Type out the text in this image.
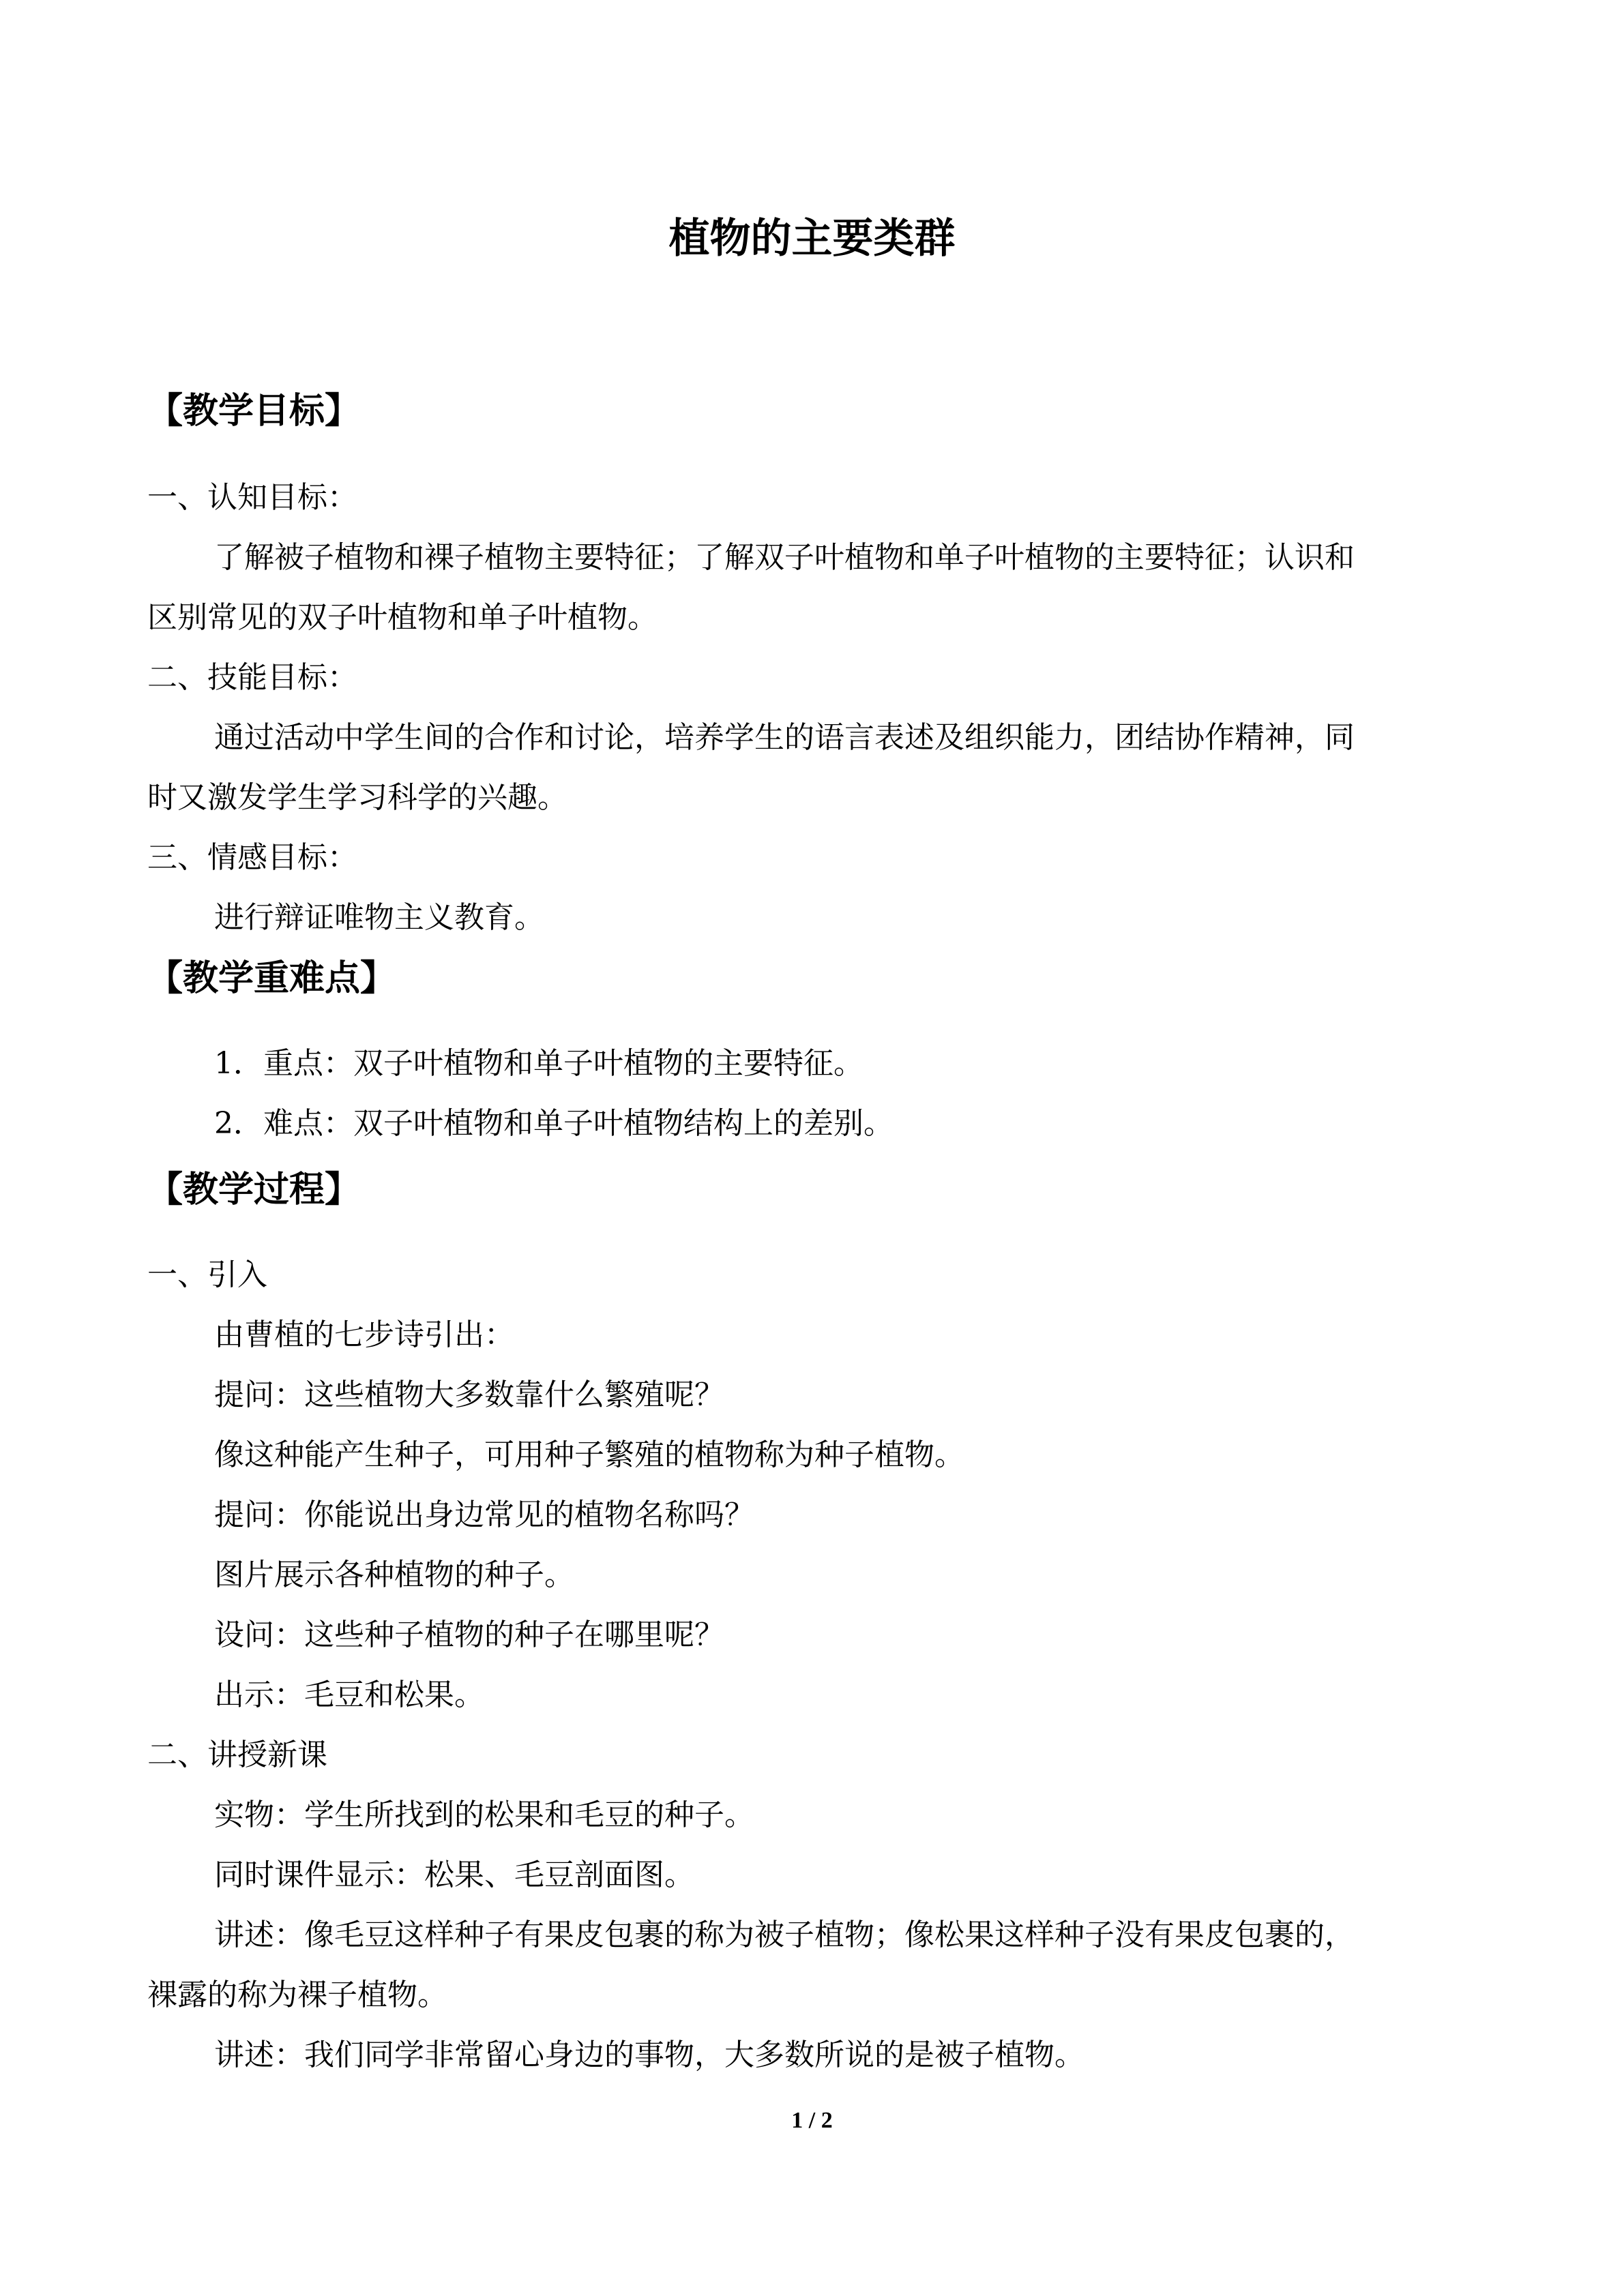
植物的主要类群
【教学目标】
一、认知目标：
了解被子植物和裸子植物主要特征；了解双子叶植物和单子叶植物的主要特征；认识和
区别常见的双子叶植物和单子叶植物。
二、技能目标：
通过活动中学生间的合作和讨论，培养学生的语言表述及组织能力，团结协作精神，同
时又激发学生学习科学的兴趣。
三、情感目标：
进行辩证唯物主义教育。
【教学重难点】
1．重点：双子叶植物和单子叶植物的主要特征。
2．难点：双子叶植物和单子叶植物结构上的差别。
【教学过程】
一、引入
由曹植的七步诗引出：
提问：这些植物大多数靠什么繁殖呢？
像这种能产生种子，可用种子繁殖的植物称为种子植物。
提问：你能说出身边常见的植物名称吗？
图片展示各种植物的种子。
设问：这些种子植物的种子在哪里呢？
出示：毛豆和松果。
二、讲授新课
实物：学生所找到的松果和毛豆的种子。
同时课件显示：松果、毛豆剖面图。
讲述：像毛豆这样种子有果皮包裹的称为被子植物；像松果这样种子没有果皮包裹的，
裸露的称为裸子植物。
讲述：我们同学非常留心身边的事物，大多数所说的是被子植物。
1 / 2
